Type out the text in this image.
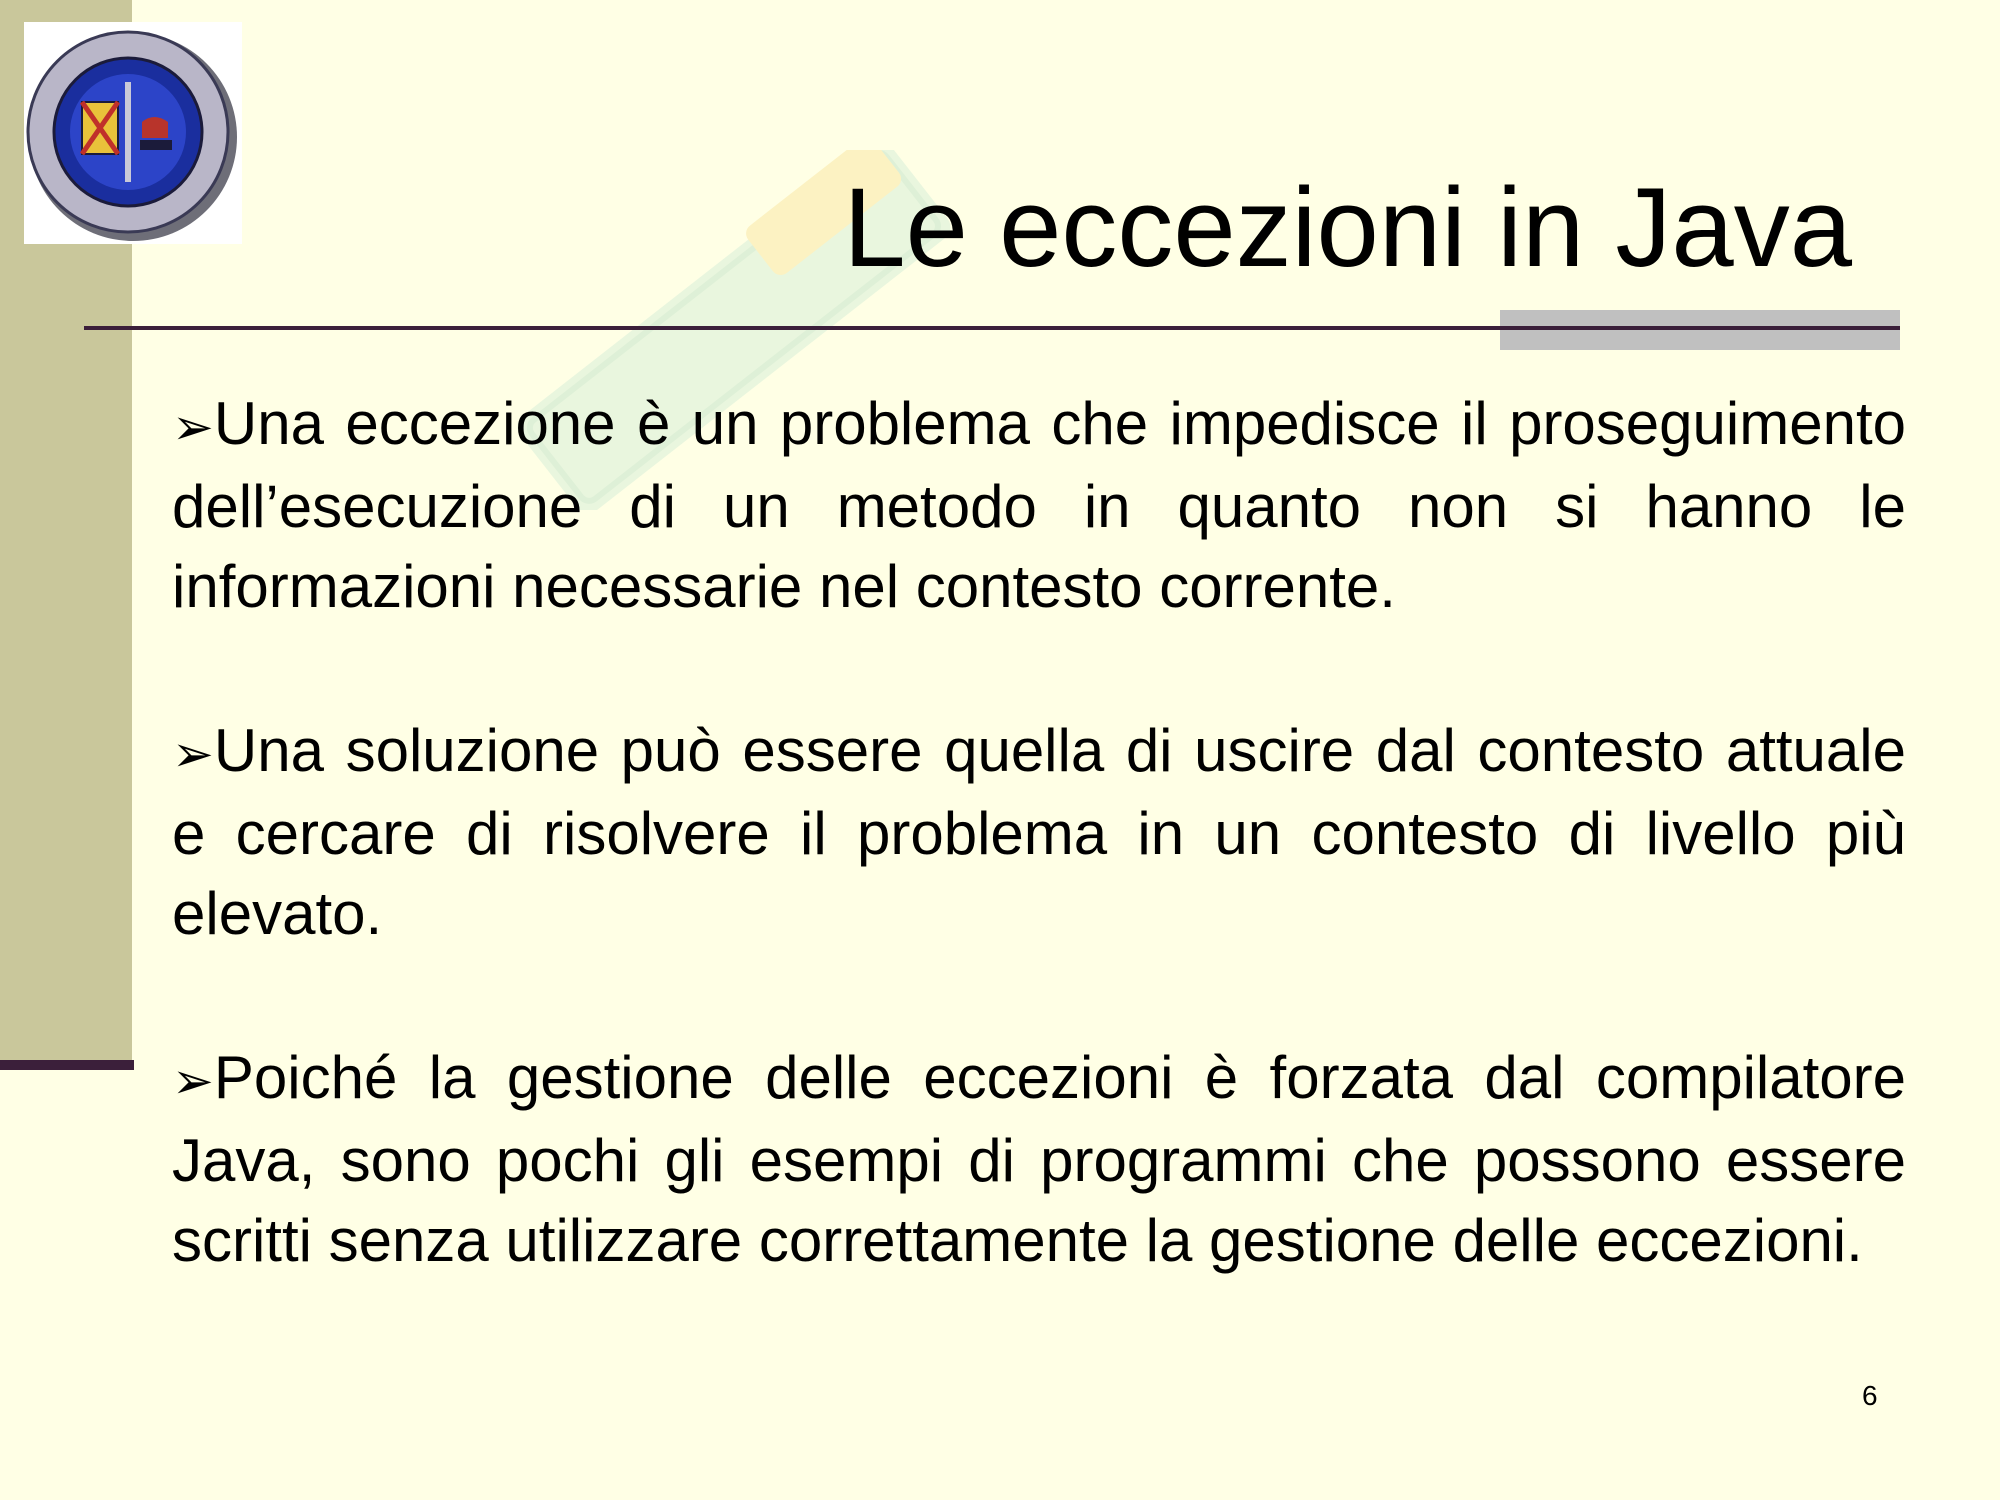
Le eccezioni in Java

➢Una eccezione è un problema che impedisce il proseguimento dell’esecuzione di un metodo in quanto non si hanno le informazioni necessarie nel contesto corrente.

➢Una soluzione può essere quella di uscire dal contesto attuale e cercare di risolvere il problema in un contesto di livello più elevato.

➢Poiché la gestione delle eccezioni è forzata dal compilatore Java, sono pochi gli esempi di programmi che possono essere scritti senza utilizzare correttamente la gestione delle eccezioni.

6
